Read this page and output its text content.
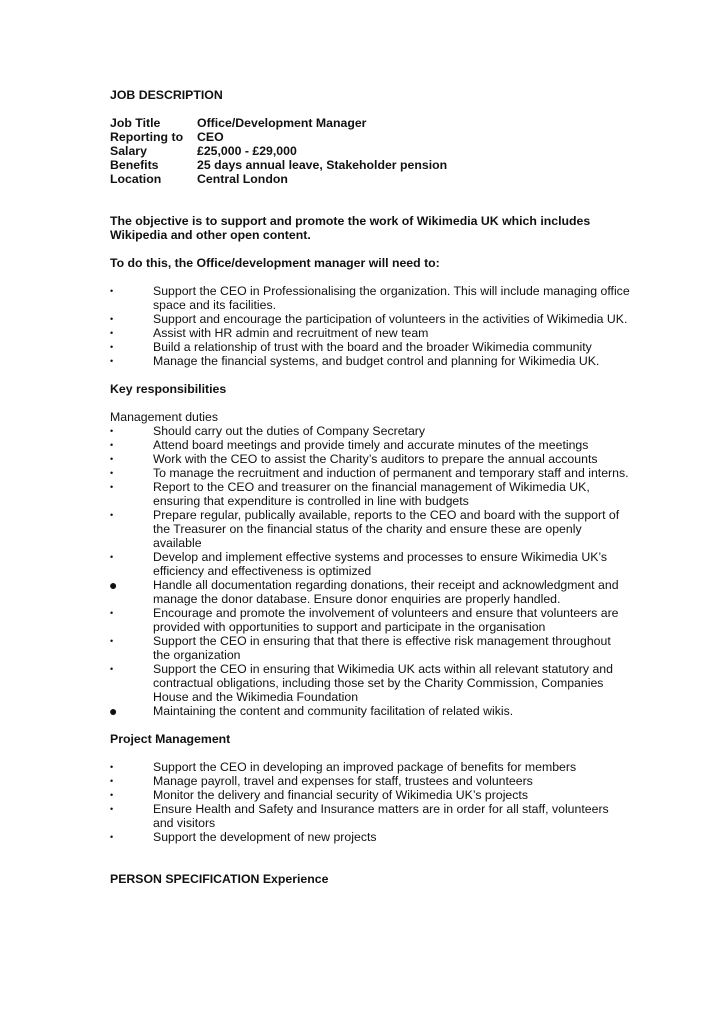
JOB DESCRIPTION
Job Title	Office/Development Manager
Reporting to	CEO
Salary	£25,000 - £29,000
Benefits	25 days annual leave, Stakeholder pension
Location	Central London
The objective is to support and promote the work of Wikimedia UK which includes Wikipedia and other open content.
To do this, the Office/development manager will need to:
•	Support the CEO in Professionalising the organization. This will include managing office space and its facilities.
•	Support and encourage the participation of volunteers in the activities of Wikimedia UK.
•	Assist with HR admin and recruitment of new team
•	Build a relationship of trust with the board and the broader Wikimedia community
•	Manage the financial systems, and budget control and planning for Wikimedia UK.
Key responsibilities
Management duties
•	Should carry out the duties of Company Secretary
•	Attend board meetings and provide timely and accurate minutes of the meetings
•	Work with the CEO to assist the Charity’s auditors to prepare the annual accounts
•	To manage the recruitment and induction of permanent and temporary staff and interns.
•	Report to the CEO and treasurer on the financial management of Wikimedia UK, ensuring that expenditure is controlled in line with budgets
•	Prepare regular, publically available, reports to the CEO and board with the support of the Treasurer on the financial status of the charity and ensure these are openly available
•	Develop and implement effective systems and processes to ensure Wikimedia UK’s efficiency and effectiveness is optimized
●	Handle all documentation regarding donations, their receipt and acknowledgment and manage the donor database. Ensure donor enquiries are properly handled.
•	Encourage and promote the involvement of volunteers and ensure that volunteers are provided with opportunities to support and participate in the organisation
•	Support the CEO in ensuring that that there is effective risk management throughout the organization
•	Support the CEO in ensuring that Wikimedia UK acts within all relevant statutory and contractual obligations, including those set by the Charity Commission, Companies House and the Wikimedia Foundation
●	Maintaining the content and community facilitation of related wikis.
Project Management
•	Support the CEO in developing an improved package of benefits for members
•	Manage payroll, travel and expenses for staff, trustees and volunteers
•	Monitor the delivery and financial security of Wikimedia UK’s projects
•	Ensure Health and Safety and Insurance matters are in order for all staff, volunteers and visitors
•	Support the development of new projects
PERSON SPECIFICATION Experience
